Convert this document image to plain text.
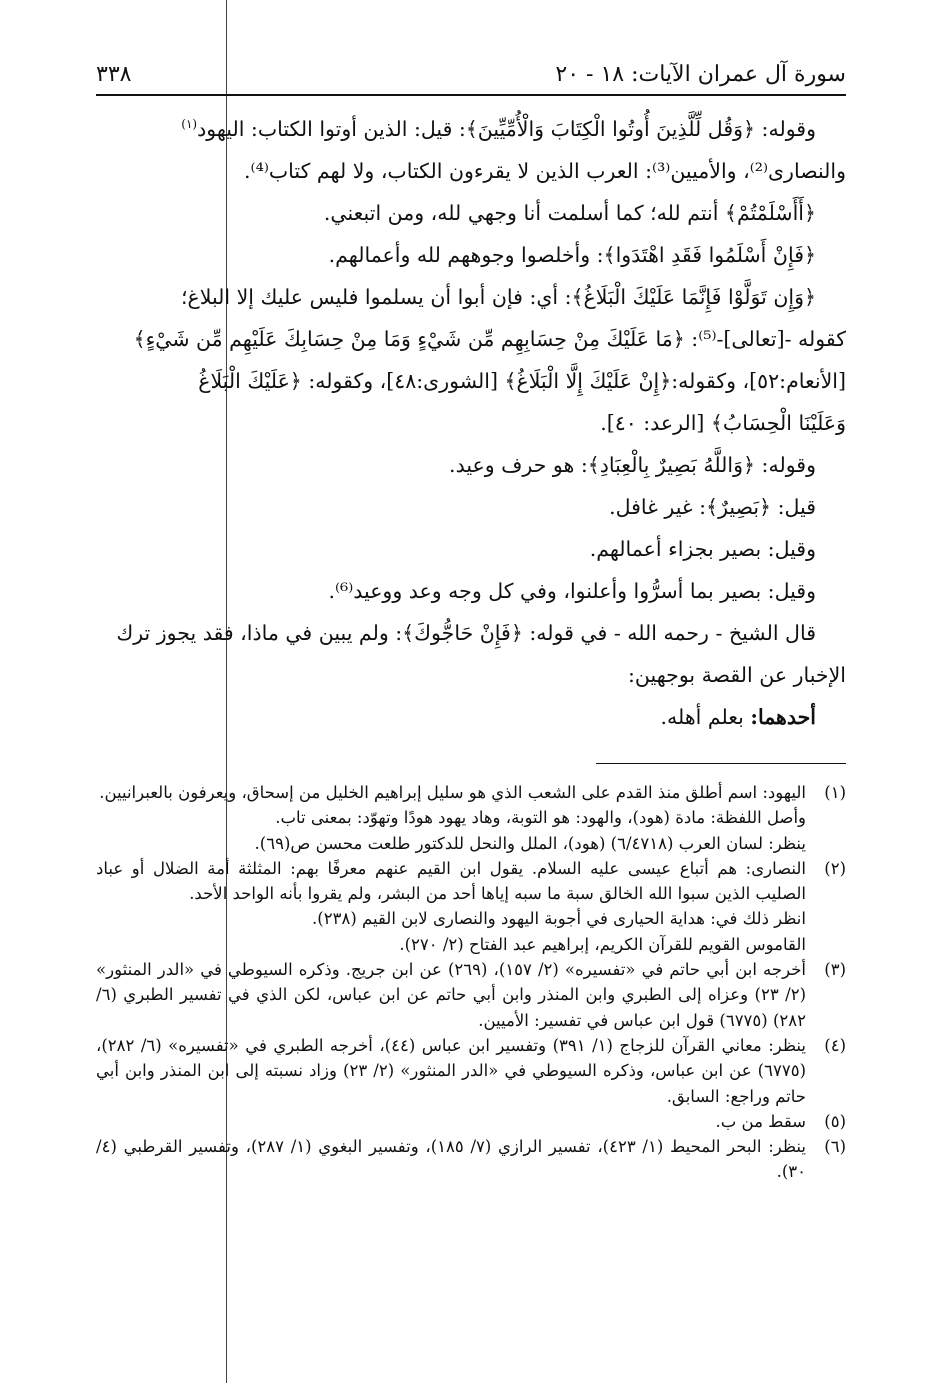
سورة آل عمران الآيات: ١٨ - ٢٠
٣٣٨

وقوله: ﴿وَقُل لِّلَّذِينَ أُوتُوا الْكِتَابَ وَالْأُمِّيِّينَ﴾: قيل: الذين أوتوا الكتاب: اليهود$^{(١)}$

والنصارى⁽²⁾، والأميين⁽³⁾: العرب الذين لا يقرءون الكتاب، ولا لهم كتاب⁽⁴⁾.

﴿أَأَسْلَمْتُمْ﴾ أنتم لله؛ كما أسلمت أنا وجهي لله، ومن اتبعني.

﴿فَإِنْ أَسْلَمُوا فَقَدِ اهْتَدَوا﴾: وأخلصوا وجوههم لله وأعمالهم.

﴿وَإِن تَوَلَّوْا فَإِنَّمَا عَلَيْكَ الْبَلَاغُ﴾: أي: فإن أبوا أن يسلموا فليس عليك إلا البلاغ؛

كقوله -[تعالى]-⁽⁵⁾: ﴿مَا عَلَيْكَ مِنْ حِسَابِهِم مِّن شَيْءٍ وَمَا مِنْ حِسَابِكَ عَلَيْهِم مِّن شَيْءٍ﴾

[الأنعام:٥٢]، وكقوله:﴿إِنْ عَلَيْكَ إِلَّا الْبَلَاغُ﴾ [الشورى:٤٨]، وكقوله: ﴿عَلَيْكَ الْبَلَاغُ

وَعَلَيْنَا الْحِسَابُ﴾ [الرعد: ٤٠].

وقوله: ﴿وَاللَّهُ بَصِيرٌ بِالْعِبَادِ﴾: هو حرف وعيد.

قيل: ﴿بَصِيرٌ﴾: غير غافل.

وقيل: بصير بجزاء أعمالهم.

وقيل: بصير بما أسرُّوا وأعلنوا، وفي كل وجه وعد ووعيد⁽⁶⁾.

قال الشيخ - رحمه الله - في قوله: ﴿فَإِنْ حَاجُّوكَ﴾: ولم يبين في ماذا، فقد يجوز ترك

الإخبار عن القصة بوجهين:

أحدهما: بعلم أهله.

(١)

اليهود: اسم أطلق منذ القدم على الشعب الذي هو سليل إبراهيم الخليل من إسحاق، ويعرفون بالعبرانيين.

وأصل اللفظة: مادة (هود)، والهود: هو التوبة، وهاد يهود هودًا وتهوّد: بمعنى تاب.

ينظر: لسان العرب (٦/٤٧١٨) (هود)، الملل والنحل للدكتور طلعت محسن ص(٦٩).

(٢)

النصارى: هم أتباع عيسى عليه السلام. يقول ابن القيم عنهم معرفًا بهم: المثلثة أمة الضلال أو عباد الصليب الذين سبوا الله الخالق سبة ما سبه إياها أحد من البشر، ولم يقروا بأنه الواحد الأحد.

انظر ذلك في: هداية الحيارى في أجوبة اليهود والنصارى لابن القيم (٢٣٨).

القاموس القويم للقرآن الكريم، إبراهيم عبد الفتاح (٢/ ٢٧٠).

(٣)

أخرجه ابن أبي حاتم في «تفسيره» (٢/ ١٥٧)، (٢٦٩) عن ابن جريج. وذكره السيوطي في «الدر المنثور» (٢/ ٢٣) وعزاه إلى الطبري وابن المنذر وابن أبي حاتم عن ابن عباس، لكن الذي في تفسير الطبري (٦/ ٢٨٢) (٦٧٧٥) قول ابن عباس في تفسير: الأميين.

(٤)

ينظر: معاني القرآن للزجاج (١/ ٣٩١) وتفسير ابن عباس (٤٤)، أخرجه الطبري في «تفسيره» (٦/ ٢٨٢)، (٦٧٧٥) عن ابن عباس، وذكره السيوطي في «الدر المنثور» (٢/ ٢٣) وزاد نسبته إلى ابن المنذر وابن أبي حاتم وراجع: السابق.

(٥)

سقط من ب.

(٦)

ينظر: البحر المحيط (١/ ٤٢٣)، تفسير الرازي (٧/ ١٨٥)، وتفسير البغوي (١/ ٢٨٧)، وتفسير القرطبي (٤/ ٣٠).
